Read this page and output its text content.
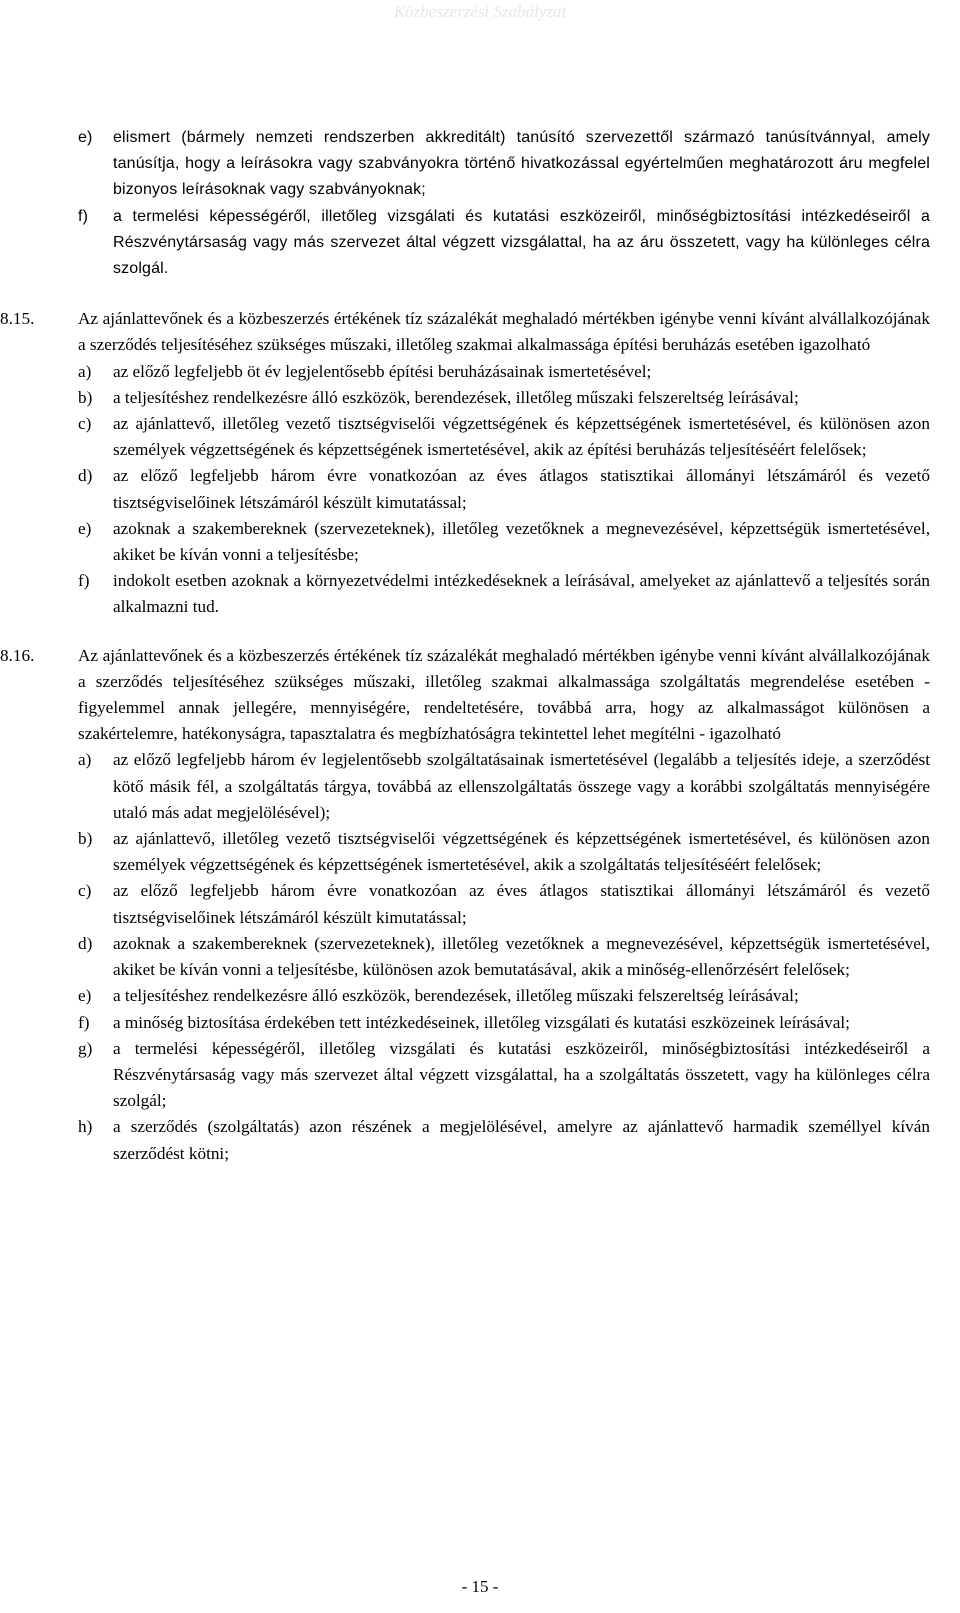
Közbeszerzési Szabályzat
e) elismert (bármely nemzeti rendszerben akkreditált) tanúsító szervezettől származó tanúsítvánnyal, amely tanúsítja, hogy a leírásokra vagy szabványokra történő hivatkozással egyértelműen meghatározott áru megfelel bizonyos leírásoknak vagy szabványoknak;
f) a termelési képességéről, illetőleg vizsgálati és kutatási eszközeiről, minőségbiztosítási intézkedéseiről a Részvénytársaság vagy más szervezet által végzett vizsgálattal, ha az áru összetett, vagy ha különleges célra szolgál.
8.15.	Az ajánlattevőnek és a közbeszerzés értékének tíz százalékát meghaladó mértékben igénybe venni kívánt alvállalkozójának a szerződés teljesítéséhez szükséges műszaki, illetőleg szakmai alkalmassága építési beruházás esetében igazolható
a) az előző legfeljebb öt év legjelentősebb építési beruházásainak ismertetésével;
b) a teljesítéshez rendelkezésre álló eszközök, berendezések, illetőleg műszaki felszereltség leírásával;
c) az ajánlattevő, illetőleg vezető tisztségviselői végzettségének és képzettségének ismertetésével, és különösen azon személyek végzettségének és képzettségének ismertetésével, akik az építési beruházás teljesítéséért felelősek;
d) az előző legfeljebb három évre vonatkozóan az éves átlagos statisztikai állományi létszámáról és vezető tisztségviselőinek létszámáról készült kimutatással;
e) azoknak a szakembereknek (szervezeteknek), illetőleg vezetőknek a megnevezésével, képzettségük ismertetésével, akiket be kíván vonni a teljesítésbe;
f) indokolt esetben azoknak a környezetvédelmi intézkedéseknek a leírásával, amelyeket az ajánlattevő a teljesítés során alkalmazni tud.
8.16.	Az ajánlattevőnek és a közbeszerzés értékének tíz százalékát meghaladó mértékben igénybe venni kívánt alvállalkozójának a szerződés teljesítéséhez szükséges műszaki, illetőleg szakmai alkalmassága szolgáltatás megrendelése esetében - figyelemmel annak jellegére, mennyiségére, rendeltetésére, továbbá arra, hogy az alkalmasságot különösen a szakértelemre, hatékonyságra, tapasztalatra és megbízhatóságra tekintettel lehet megítélni - igazolható
a) az előző legfeljebb három év legjelentősebb szolgáltatásainak ismertetésével (legalább a teljesítés ideje, a szerződést kötő másik fél, a szolgáltatás tárgya, továbbá az ellenszolgáltatás összege vagy a korábbi szolgáltatás mennyiségére utaló más adat megjelölésével);
b) az ajánlattevő, illetőleg vezető tisztségviselői végzettségének és képzettségének ismertetésével, és különösen azon személyek végzettségének és képzettségének ismertetésével, akik a szolgáltatás teljesítéséért felelősek;
c) az előző legfeljebb három évre vonatkozóan az éves átlagos statisztikai állományi létszámáról és vezető tisztségviselőinek létszámáról készült kimutatással;
d) azoknak a szakembereknek (szervezeteknek), illetőleg vezetőknek a megnevezésével, képzettségük ismertetésével, akiket be kíván vonni a teljesítésbe, különösen azok bemutatásával, akik a minőség-ellenőrzésért felelősek;
e) a teljesítéshez rendelkezésre álló eszközök, berendezések, illetőleg műszaki felszereltség leírásával;
f) a minőség biztosítása érdekében tett intézkedéseinek, illetőleg vizsgálati és kutatási eszközeinek leírásával;
g) a termelési képességéről, illetőleg vizsgálati és kutatási eszközeiről, minőségbiztosítási intézkedéseiről a Részvénytársaság vagy más szervezet által végzett vizsgálattal, ha a szolgáltatás összetett, vagy ha különleges célra szolgál;
h) a szerződés (szolgáltatás) azon részének a megjelölésével, amelyre az ajánlattevő harmadik személlyel kíván szerződést kötni;
- 15 -
